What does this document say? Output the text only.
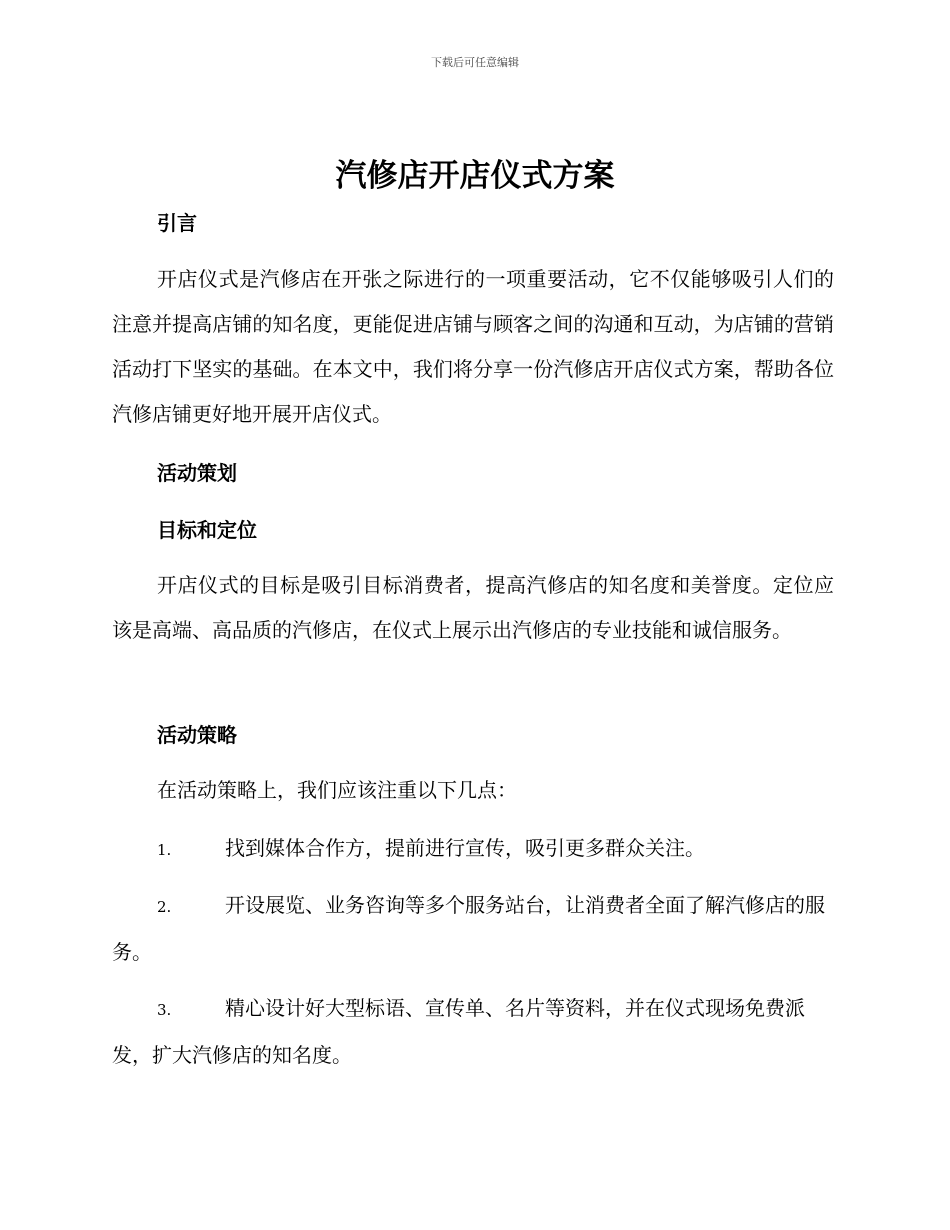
下载后可任意编辑
汽修店开店仪式方案
引言

开店仪式是汽修店在开张之际进行的一项重要活动，它不仅能够吸引人们的注意并提高店铺的知名度，更能促进店铺与顾客之间的沟通和互动，为店铺的营销活动打下坚实的基础。在本文中，我们将分享一份汽修店开店仪式方案，帮助各位汽修店铺更好地开展开店仪式。

活动策划
目标和定位

开店仪式的目标是吸引目标消费者，提高汽修店的知名度和美誉度。定位应该是高端、高品质的汽修店，在仪式上展示出汽修店的专业技能和诚信服务。

活动策略

在活动策略上，我们应该注重以下几点：

1.	找到媒体合作方，提前进行宣传，吸引更多群众关注。

2.	开设展览、业务咨询等多个服务站台，让消费者全面了解汽修店的服务。

3.	精心设计好大型标语、宣传单、名片等资料，并在仪式现场免费派发，扩大汽修店的知名度。
